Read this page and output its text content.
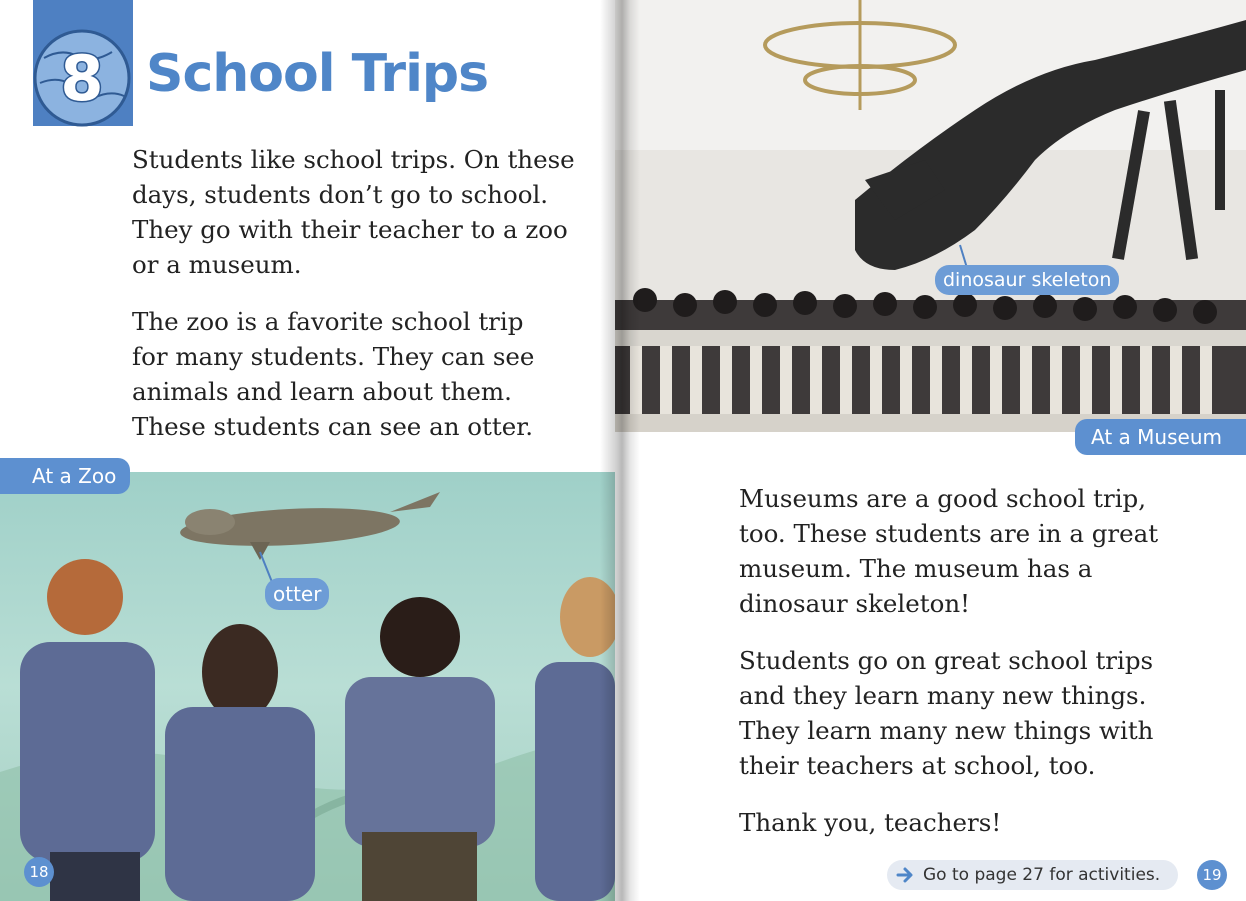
8 School Trips

Students like school trips. On these
days, students don’t go to school.
They go with their teacher to a zoo
or a museum.

The zoo is a favorite school trip
for many students. They can see
animals and learn about them.
These students can see an otter.

At a Zoo
otter
18
dinosaur skeleton
At a Museum

Museums are a good school trip,
too. These students are in a great
museum. The museum has a
dinosaur skeleton!

Students go on great school trips
and they learn many new things.
They learn many new things with
their teachers at school, too.

Thank you, teachers!

Go to page 27 for activities.	19
